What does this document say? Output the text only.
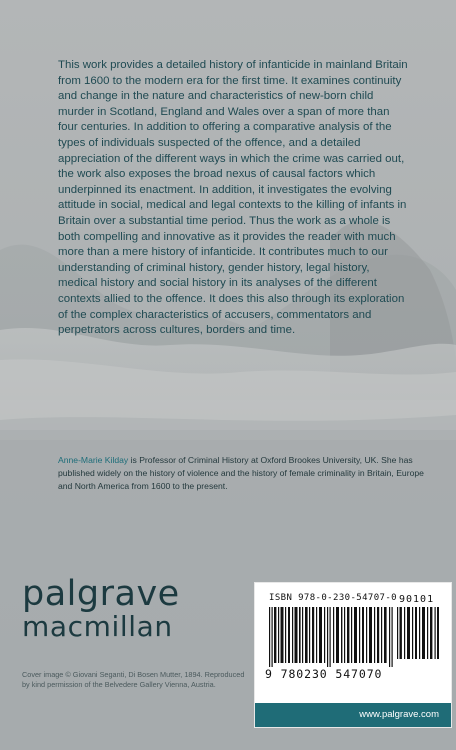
This work provides a detailed history of infanticide in mainland Britain from 1600 to the modern era for the first time. It examines continuity and change in the nature and characteristics of new-born child murder in Scotland, England and Wales over a span of more than four centuries. In addition to offering a comparative analysis of the types of individuals suspected of the offence, and a detailed appreciation of the different ways in which the crime was carried out, the work also exposes the broad nexus of causal factors which underpinned its enactment. In addition, it investigates the evolving attitude in social, medical and legal contexts to the killing of infants in Britain over a substantial time period. Thus the work as a whole is both compelling and innovative as it provides the reader with much more than a mere history of infanticide. It contributes much to our understanding of criminal history, gender history, legal history, medical history and social history in its analyses of the different contexts allied to the offence. It does this also through its exploration of the complex characteristics of accusers, commentators and perpetrators across cultures, borders and time.

Anne-Marie Kilday is Professor of Criminal History at Oxford Brookes University, UK. She has published widely on the history of violence and the history of female criminality in Britain, Europe and North America from 1600 to the present.

palgrave
macmillan

Cover image © Giovani Seganti, Di Bosen Mutter, 1894. Reproduced by kind permission of the Belvedere Gallery Vienna, Austria.

ISBN 978-0-230-54707-0 90101
9 780230 547070
www.palgrave.com
